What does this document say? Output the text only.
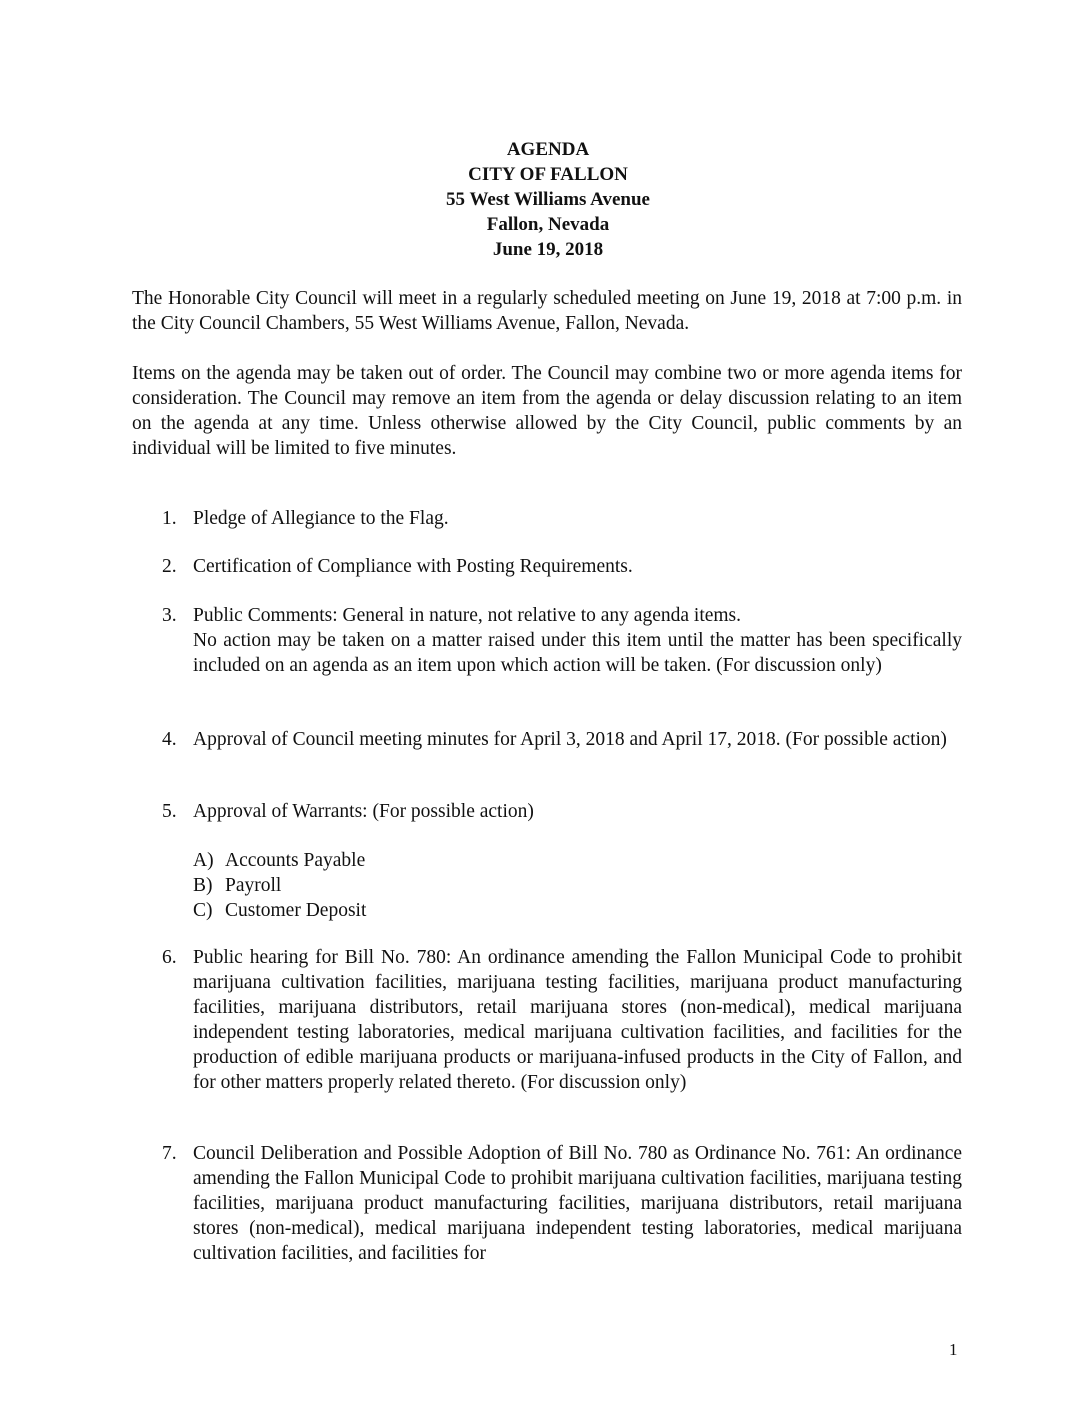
AGENDA
CITY OF FALLON
55 West Williams Avenue
Fallon, Nevada
June 19, 2018
The Honorable City Council will meet in a regularly scheduled meeting on June 19, 2018 at 7:00 p.m. in the City Council Chambers, 55 West Williams Avenue, Fallon, Nevada.
Items on the agenda may be taken out of order. The Council may combine two or more agenda items for consideration. The Council may remove an item from the agenda or delay discussion relating to an item on the agenda at any time. Unless otherwise allowed by the City Council, public comments by an individual will be limited to five minutes.
1. Pledge of Allegiance to the Flag.
2. Certification of Compliance with Posting Requirements.
3. Public Comments: General in nature, not relative to any agenda items.
No action may be taken on a matter raised under this item until the matter has been specifically included on an agenda as an item upon which action will be taken. (For discussion only)
4. Approval of Council meeting minutes for April 3, 2018 and April 17, 2018. (For possible action)
5. Approval of Warrants: (For possible action)
A) Accounts Payable
B) Payroll
C) Customer Deposit
6. Public hearing for Bill No. 780: An ordinance amending the Fallon Municipal Code to prohibit marijuana cultivation facilities, marijuana testing facilities, marijuana product manufacturing facilities, marijuana distributors, retail marijuana stores (non-medical), medical marijuana independent testing laboratories, medical marijuana cultivation facilities, and facilities for the production of edible marijuana products or marijuana-infused products in the City of Fallon, and for other matters properly related thereto. (For discussion only)
7. Council Deliberation and Possible Adoption of Bill No. 780 as Ordinance No. 761: An ordinance amending the Fallon Municipal Code to prohibit marijuana cultivation facilities, marijuana testing facilities, marijuana product manufacturing facilities, marijuana distributors, retail marijuana stores (non-medical), medical marijuana independent testing laboratories, medical marijuana cultivation facilities, and facilities for
1
